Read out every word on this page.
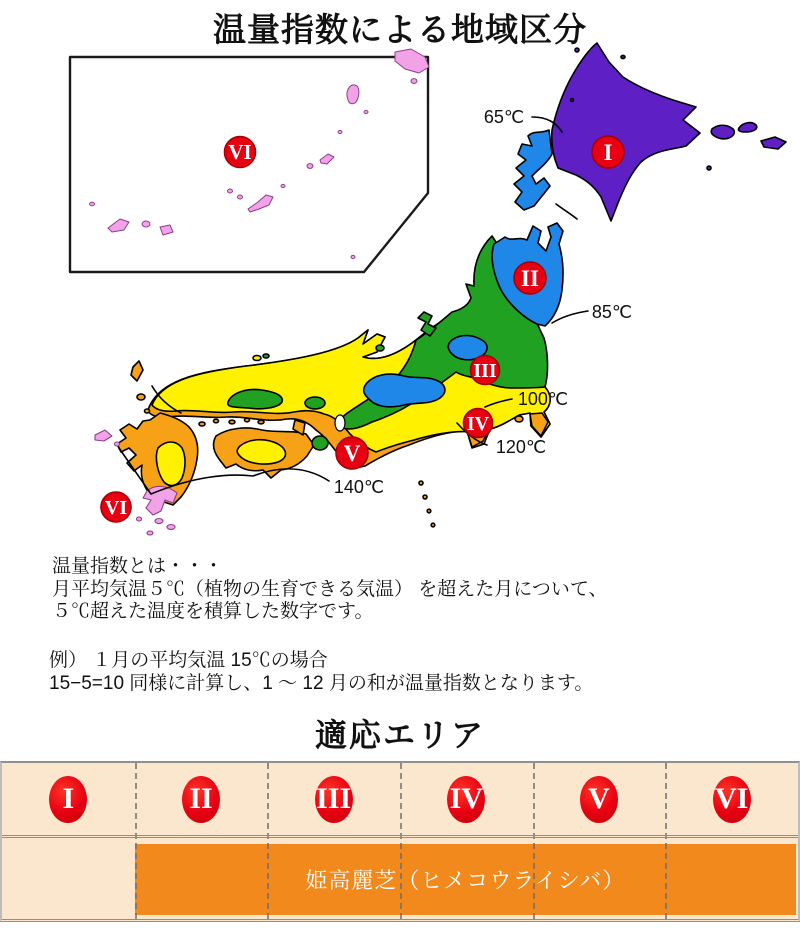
温量指数による地域区分
65℃
85℃
100℃
120℃
140℃
I
II
III
IV
V
VI
VI
温量指数とは・・・
月平均気温５℃（植物の生育できる気温） を超えた月について、
５℃超えた温度を積算した数字です。
例） １月の平均気温 15℃の場合
15−5=10 同様に計算し、1 ～ 12 月の和が温量指数となります。
適応エリア
姫高麗芝（ヒメコウライシバ）
I	II	III	IV	V	VI
